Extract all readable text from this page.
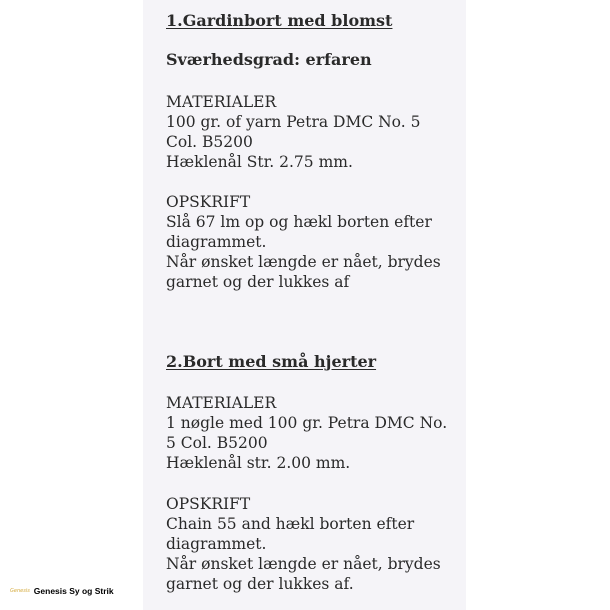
1.Gardinbort med blomst
Sværhedsgrad: erfaren
MATERIALER
100 gr. of yarn Petra DMC No. 5
Col. B5200
Hæklenål Str. 2.75 mm.
OPSKRIFT
Slå 67 lm op og hækl borten efter
diagrammet.
Når ønsket længde er nået, brydes
garnet og der lukkes af
2.Bort med små hjerter
MATERIALER
1 nøgle med 100 gr. Petra DMC No.
5 Col. B5200
Hæklenål str. 2.00 mm.
OPSKRIFT
Chain 55 and hækl borten efter
diagrammet.
Når ønsket længde er nået, brydes
garnet og der lukkes af.
Genesis Genesis Sy og Strik
